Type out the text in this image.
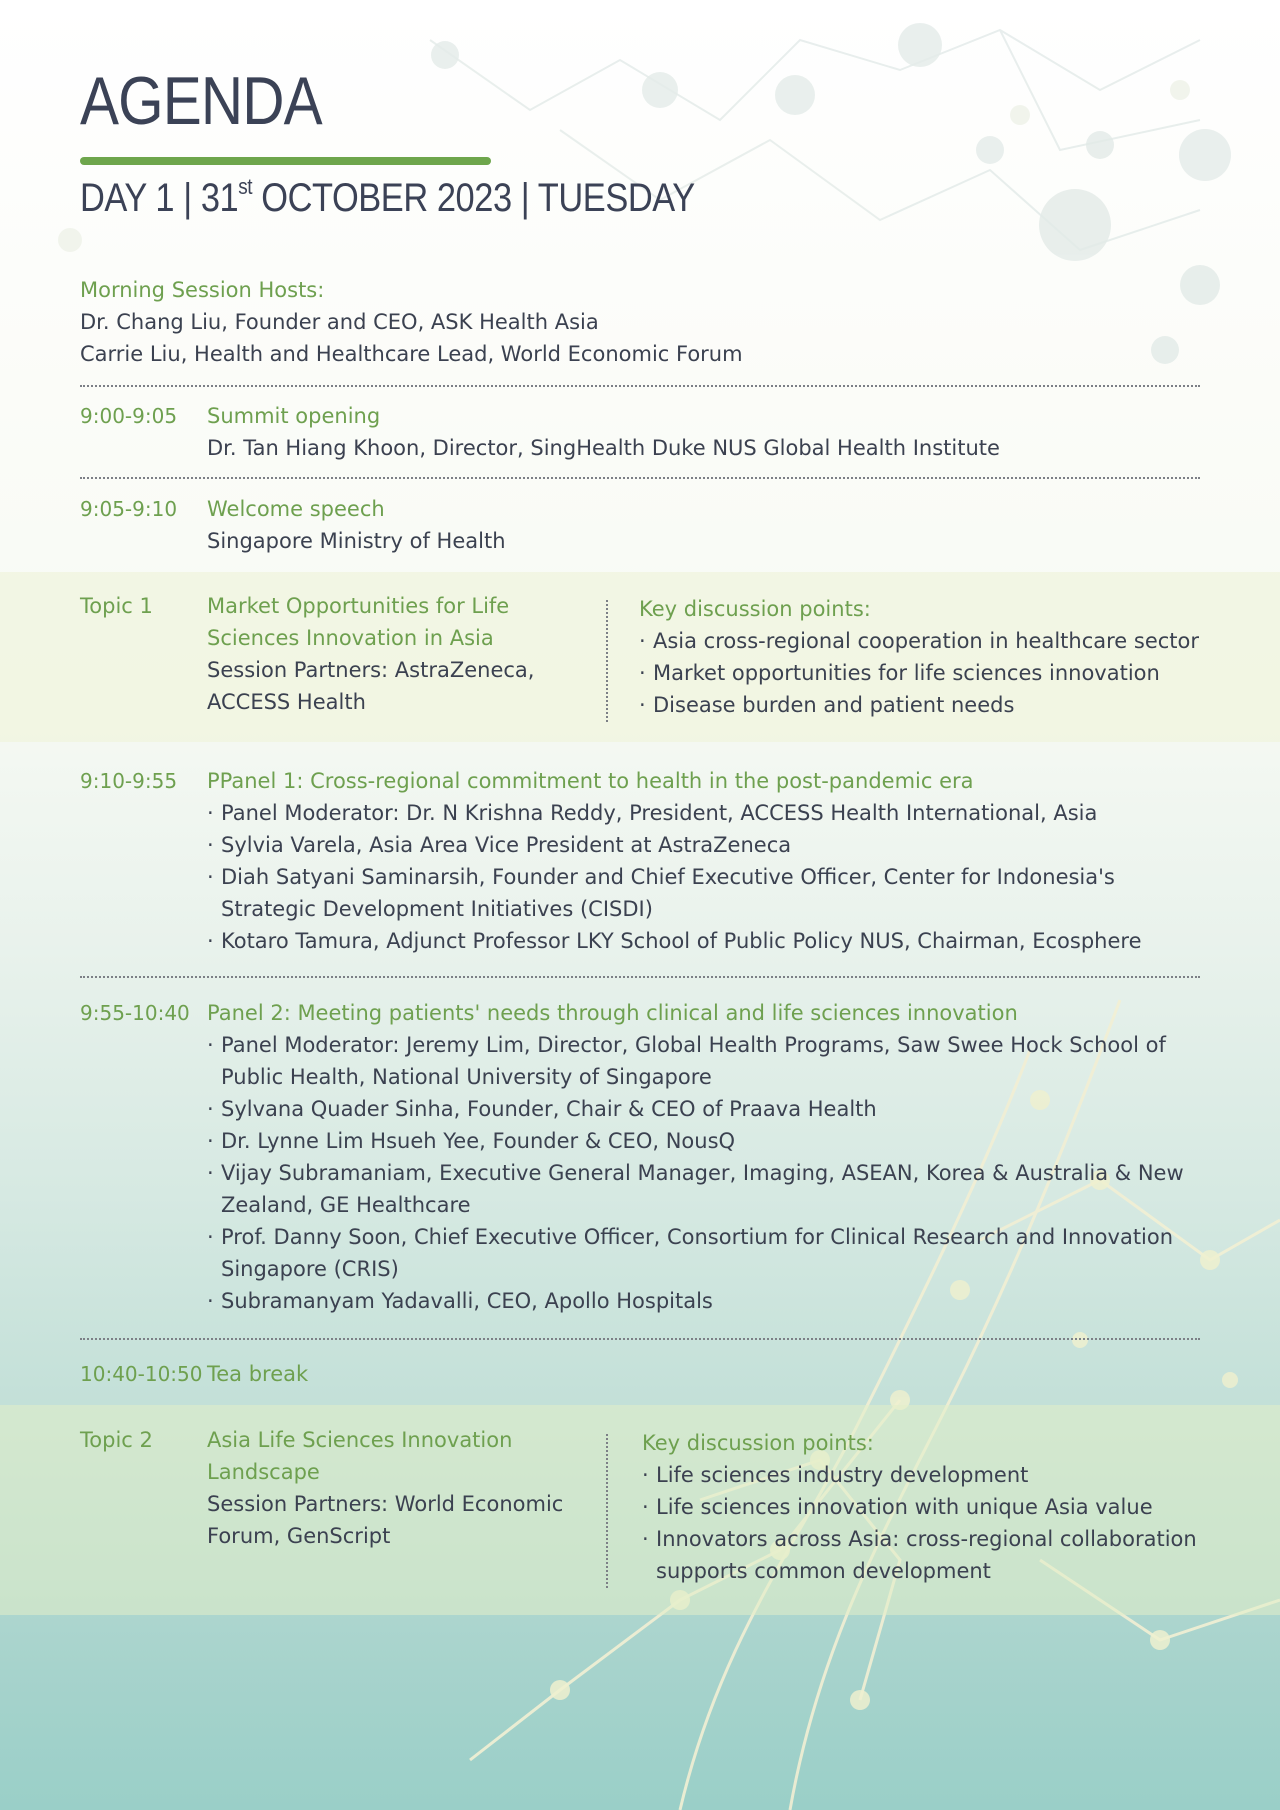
AGENDA
DAY 1 | 31st OCTOBER 2023 | TUESDAY
Morning Session Hosts:
Dr. Chang Liu, Founder and CEO, ASK Health Asia
Carrie Liu, Health and Healthcare Lead, World Economic Forum
9:00-9:05 Summit opening
Dr. Tan Hiang Khoon, Director, SingHealth Duke NUS Global Health Institute
9:05-9:10 Welcome speech
Singapore Ministry of Health
Topic 1	Market Opportunities for Life
Sciences Innovation in Asia
Session Partners: AstraZeneca,
ACCESS Health
Key discussion points:
· Asia cross-regional cooperation in healthcare sector
· Market opportunities for life sciences innovation
· Disease burden and patient needs
9:10-9:55 PPanel 1: Cross-regional commitment to health in the post-pandemic era
· Panel Moderator: Dr. N Krishna Reddy, President, ACCESS Health International, Asia
· Sylvia Varela, Asia Area Vice President at AstraZeneca
· Diah Satyani Saminarsih, Founder and Chief Executive Officer, Center for Indonesia's Strategic Development Initiatives (CISDI)
· Kotaro Tamura, Adjunct Professor LKY School of Public Policy NUS, Chairman, Ecosphere
9:55-10:40 Panel 2: Meeting patients' needs through clinical and life sciences innovation
· Panel Moderator: Jeremy Lim, Director, Global Health Programs, Saw Swee Hock School of Public Health, National University of Singapore
· Sylvana Quader Sinha, Founder, Chair & CEO of Praava Health
· Dr. Lynne Lim Hsueh Yee, Founder & CEO, NousQ
· Vijay Subramaniam, Executive General Manager, Imaging, ASEAN, Korea & Australia & New Zealand, GE Healthcare
· Prof. Danny Soon, Chief Executive Officer, Consortium for Clinical Research and Innovation Singapore (CRIS)
· Subramanyam Yadavalli, CEO, Apollo Hospitals
10:40-10:50 Tea break
Topic 2	Asia Life Sciences Innovation
Landscape
Session Partners: World Economic
Forum, GenScript
Key discussion points:
· Life sciences industry development
· Life sciences innovation with unique Asia value
· Innovators across Asia: cross-regional collaboration supports common development
